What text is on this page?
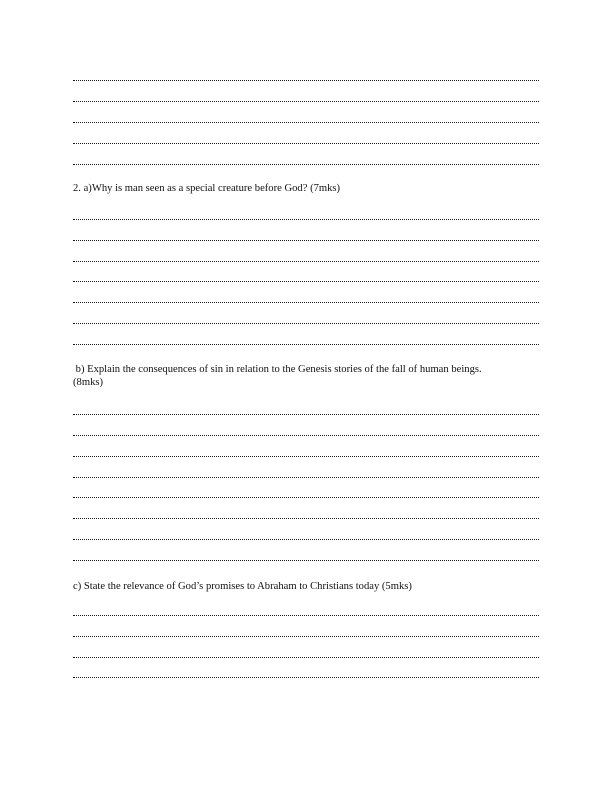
2. a)Why is man seen as a special creature before God? (7mks)

b) Explain the consequences of sin in relation to the Genesis stories of the fall of human beings.
(8mks)

c) State the relevance of God’s promises to Abraham to Christians today (5mks)
